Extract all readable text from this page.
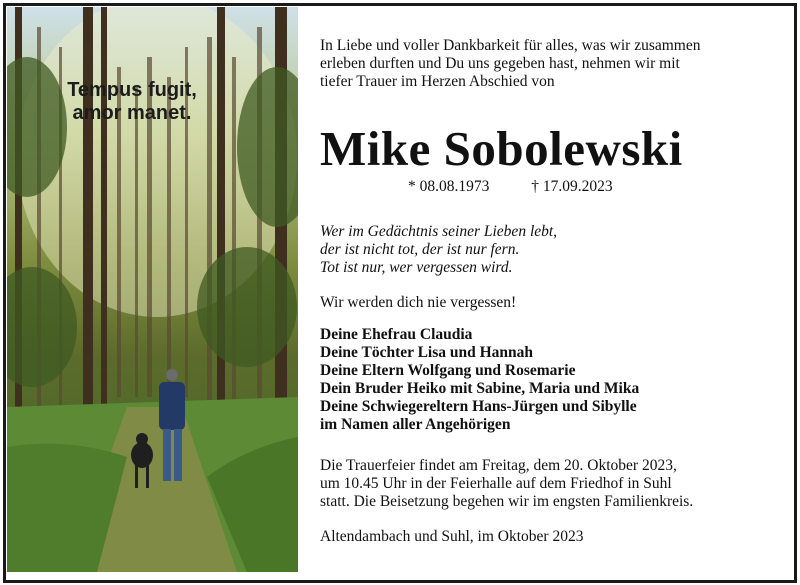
Tempus fugit,
amor manet.
In Liebe und voller Dankbarkeit für alles, was wir zusammen
erleben durften und Du uns gegeben hast, nehmen wir mit
tiefer Trauer im Herzen Abschied von
Mike Sobolewski
* 08.08.1973	† 17.09.2023
Wer im Gedächtnis seiner Lieben lebt,
der ist nicht tot, der ist nur fern.
Tot ist nur, wer vergessen wird.
Wir werden dich nie vergessen!
Deine Ehefrau Claudia
Deine Töchter Lisa und Hannah
Deine Eltern Wolfgang und Rosemarie
Dein Bruder Heiko mit Sabine, Maria und Mika
Deine Schwiegereltern Hans-Jürgen und Sibylle
im Namen aller Angehörigen
Die Trauerfeier findet am Freitag, dem 20. Oktober 2023,
um 10.45 Uhr in der Feierhalle auf dem Friedhof in Suhl
statt. Die Beisetzung begehen wir im engsten Familienkreis.
Altendambach und Suhl, im Oktober 2023
